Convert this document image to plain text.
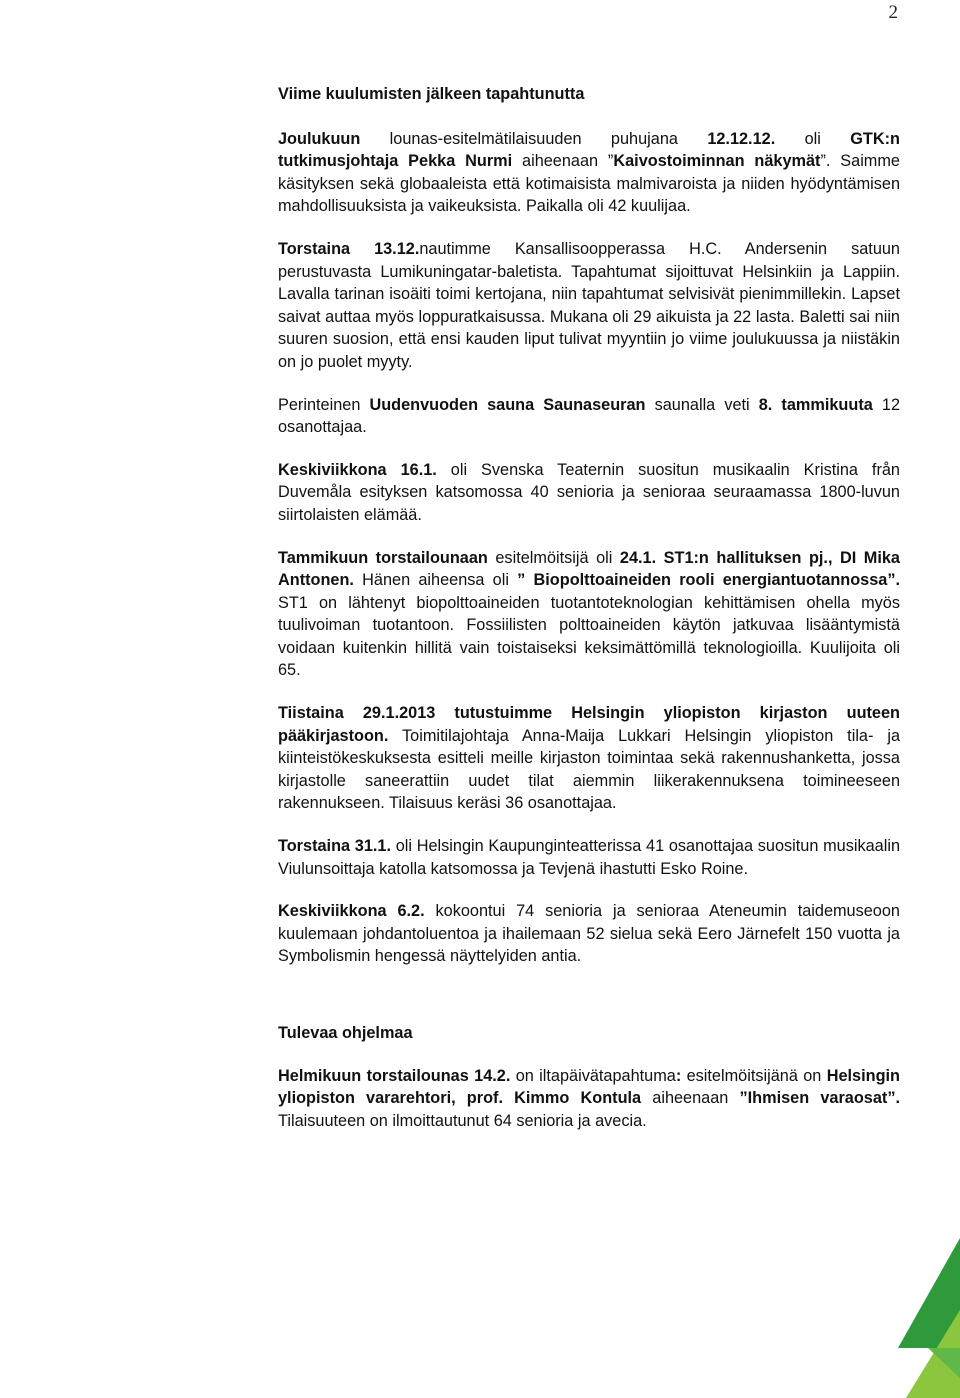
2
Viime kuulumisten jälkeen tapahtunutta

Joulukuun lounas-esitelmätilaisuuden puhujana 12.12.12. oli GTK:n tutkimusjohtaja Pekka Nurmi aiheenaan ”Kaivostoiminnan näkymät”. Saimme käsityksen sekä globaaleista että kotimaisista malmivaroista ja niiden hyödyntämisen mahdollisuuksista ja vaikeuksista. Paikalla oli 42 kuulijaa.

Torstaina 13.12.nautimme Kansallisoopperassa H.C. Andersenin satuun perustuvasta Lumikuningatar-baletista. Tapahtumat sijoittuvat Helsinkiin ja Lappiin. Lavalla tarinan isoäiti toimi kertojana, niin tapahtumat selvisivät pienimmillekin. Lapset saivat auttaa myös loppuratkaisussa. Mukana oli 29 aikuista ja 22 lasta. Baletti sai niin suuren suosion, että ensi kauden liput tulivat myyntiin jo viime joulukuussa ja niistäkin on jo puolet myyty.

Perinteinen Uudenvuoden sauna Saunaseuran saunalla veti 8. tammikuuta 12 osanottajaa.

Keskiviikkona 16.1. oli Svenska Teaternin suositun musikaalin Kristina från Duvemåla esityksen katsomossa 40 senioria ja senioraa seuraamassa 1800-luvun siirtolaisten elämää.

Tammikuun torstailounaan esitelmöitsijä oli 24.1. ST1:n hallituksen pj., DI Mika Anttonen. Hänen aiheensa oli ” Biopolttoaineiden rooli energiantuotannossa”. ST1 on lähtenyt biopolttoaineiden tuotantoteknologian kehittämisen ohella myös tuulivoiman tuotantoon. Fossiilisten polttoaineiden käytön jatkuvaa lisääntymistä voidaan kuitenkin hillitä vain toistaiseksi keksimättömillä teknologioilla. Kuulijoita oli 65.

Tiistaina 29.1.2013 tutustuimme Helsingin yliopiston kirjaston uuteen pääkirjastoon. Toimitilajohtaja Anna-Maija Lukkari Helsingin yliopiston tila- ja kiinteistökeskuksesta esitteli meille kirjaston toimintaa sekä rakennushanketta, jossa kirjastolle saneerattiin uudet tilat aiemmin liikerakennuksena toimineeseen rakennukseen. Tilaisuus keräsi 36 osanottajaa.

Torstaina 31.1. oli Helsingin Kaupunginteatterissa 41 osanottajaa suositun musikaalin Viulunsoittaja katolla katsomossa ja Tevjenä ihastutti Esko Roine.

Keskiviikkona 6.2. kokoontui 74 senioria ja senioraa Ateneumin taidemuseoon kuulemaan johdantoluentoa ja ihailemaan 52 sielua sekä Eero Järnefelt 150 vuotta ja Symbolismin hengessä näyttelyiden antia.

Tulevaa ohjelmaa

Helmikuun torstailounas 14.2. on iltapäivätapahtuma: esitelmöitsijänä on Helsingin yliopiston vararehtori, prof. Kimmo Kontula aiheenaan ”Ihmisen varaosat”. Tilaisuuteen on ilmoittautunut 64 senioria ja avecia.
